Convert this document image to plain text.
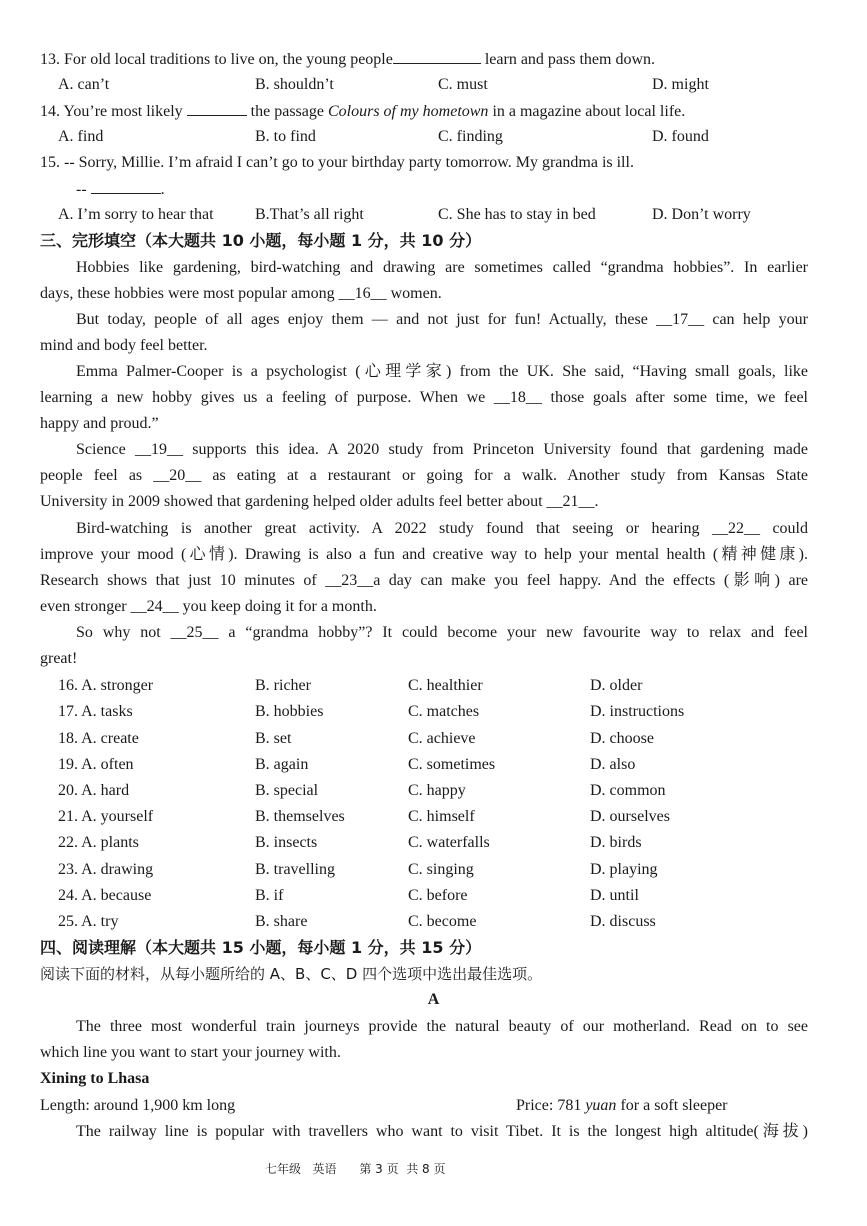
13. For old local traditions to live on, the young people	learn and pass them down.
A. can’t	B. shouldn’t	C. must	D. might
14. You’re most likely	the passage Colours of my hometown in a magazine about local life.
A. find	B. to find	C. finding	D. found
15. -- Sorry, Millie. I’m afraid I can’t go to your birthday party tomorrow. My grandma is ill.
--	.
A. I’m sorry to hear that	B.That’s all right	C. She has to stay in bed	D. Don’t worry
三、完形填空（本大题共 10 小题，每小题 1 分，共 10 分）
Hobbies like gardening, bird-watching and drawing are sometimes called “grandma hobbies”. In earlier
days, these hobbies were most popular among __16__ women.
But today, people of all ages enjoy them — and not just for fun! Actually, these __17__ can help your
mind and body feel better.
Emma Palmer-Cooper is a psychologist (心理学家) from the UK. She said, “Having small goals, like
learning a new hobby gives us a feeling of purpose. When we __18__ those goals after some time, we feel
happy and proud.”
Science __19__ supports this idea. A 2020 study from Princeton University found that gardening made
people feel as __20__ as eating at a restaurant or going for a walk. Another study from Kansas State
University in 2009 showed that gardening helped older adults feel better about __21__.
Bird-watching is another great activity. A 2022 study found that seeing or hearing __22__ could
improve your mood (心情). Drawing is also a fun and creative way to help your mental health (精神健康).
Research shows that just 10 minutes of __23__a day can make you feel happy. And the effects (影响) are
even stronger __24__ you keep doing it for a month.
So why not __25__ a “grandma hobby”? It could become your new favourite way to relax and feel
great!
16. A. stronger	B. richer	C. healthier	D. older
17. A. tasks	B. hobbies	C. matches	D. instructions
18. A. create	B. set	C. achieve	D. choose
19. A. often	B. again	C. sometimes	D. also
20. A. hard	B. special	C. happy	D. common
21. A. yourself	B. themselves	C. himself	D. ourselves
22. A. plants	B. insects	C. waterfalls	D. birds
23. A. drawing	B. travelling	C. singing	D. playing
24. A. because	B. if	C. before	D. until
25. A. try	B. share	C. become	D. discuss
四、阅读理解（本大题共 15 小题，每小题 1 分，共 15 分）
阅读下面的材料，从每小题所给的 A、B、C、D 四个选项中选出最佳选项。
A
The three most wonderful train journeys provide the natural beauty of our motherland. Read on to see
which line you want to start your journey with.
Xining to Lhasa
Length: around 1,900 km long	Price: 781 yuan for a soft sleeper
The railway line is popular with travellers who want to visit Tibet. It is the longest high altitude(海拔)
七年级   英语      第 3 页  共 8 页
